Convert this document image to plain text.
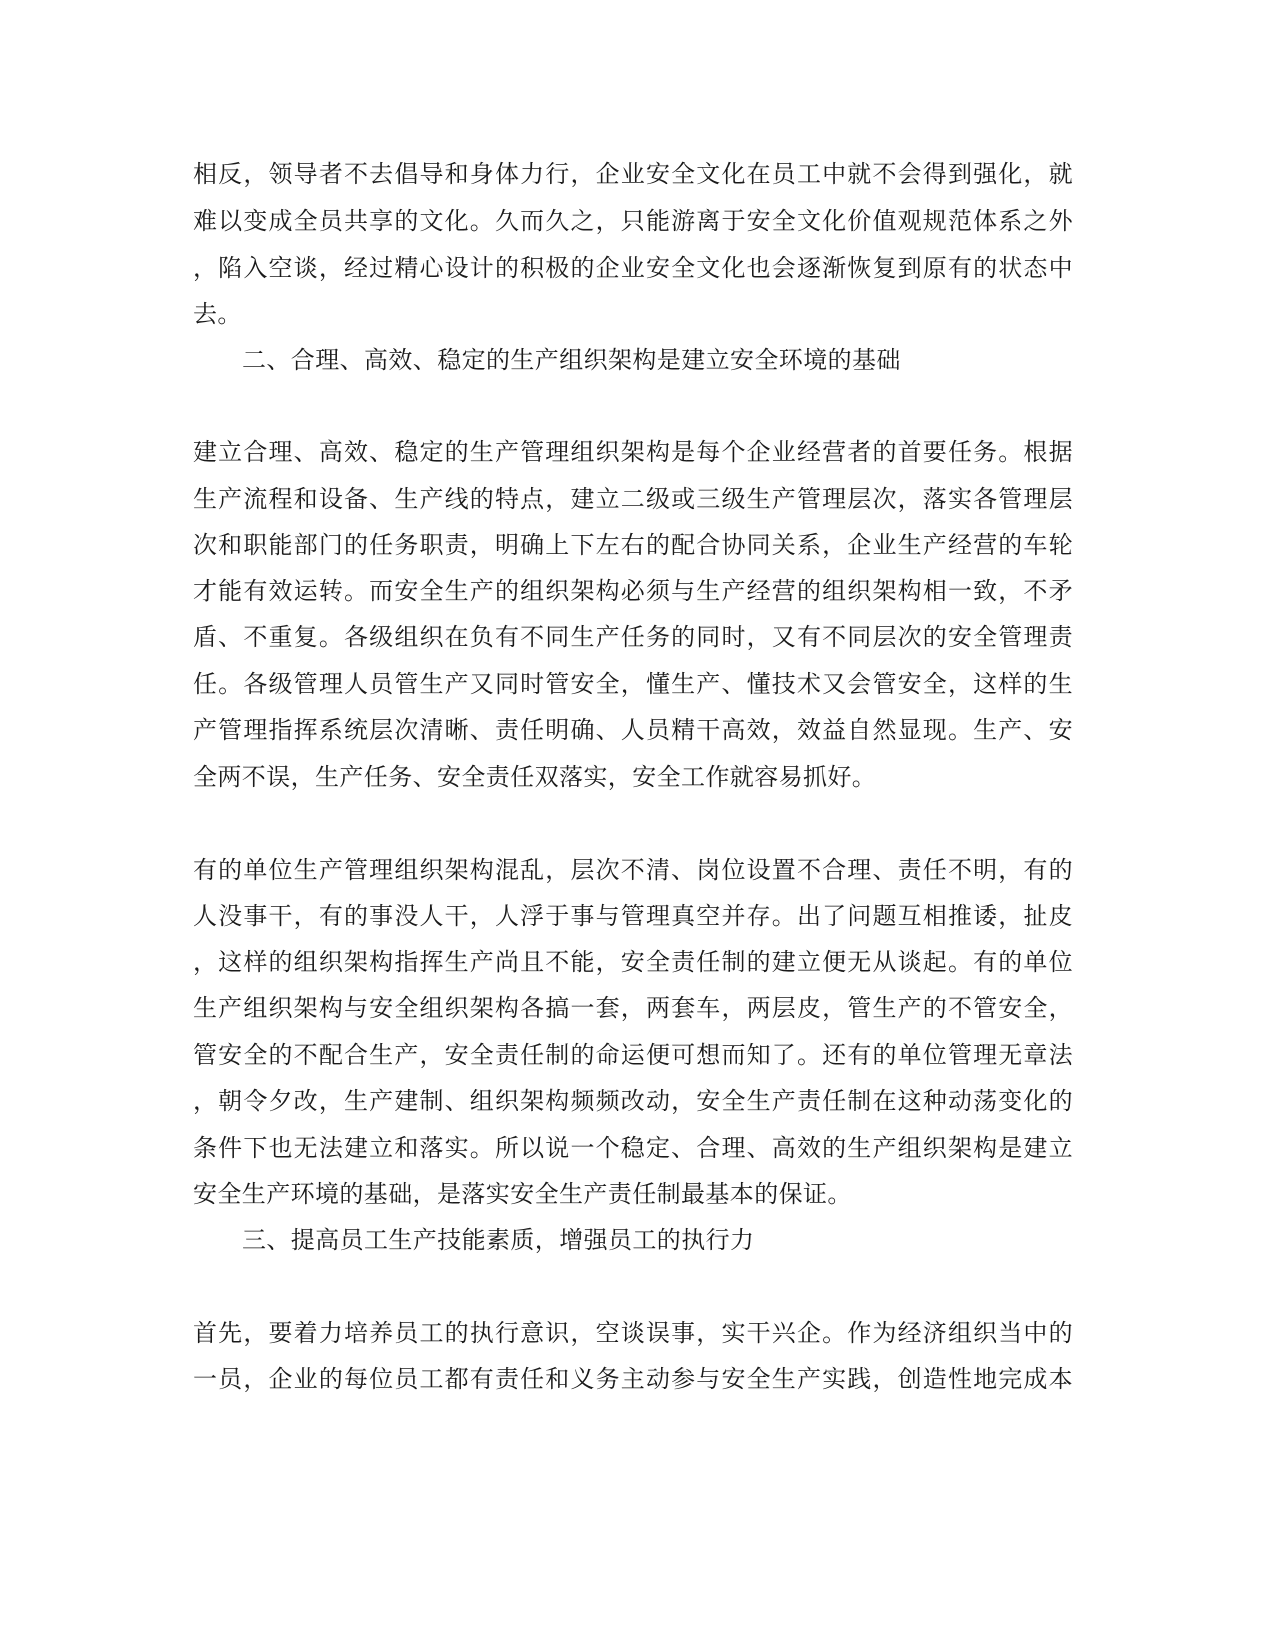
相反，领导者不去倡导和身体力行，企业安全文化在员工中就不会得到强化，就
难以变成全员共享的文化。久而久之，只能游离于安全文化价值观规范体系之外
，陷入空谈，经过精心设计的积极的企业安全文化也会逐渐恢复到原有的状态中
去。
二、合理、高效、稳定的生产组织架构是建立安全环境的基础
建立合理、高效、稳定的生产管理组织架构是每个企业经营者的首要任务。根据
生产流程和设备、生产线的特点，建立二级或三级生产管理层次，落实各管理层
次和职能部门的任务职责，明确上下左右的配合协同关系，企业生产经营的车轮
才能有效运转。而安全生产的组织架构必须与生产经营的组织架构相一致，不矛
盾、不重复。各级组织在负有不同生产任务的同时，又有不同层次的安全管理责
任。各级管理人员管生产又同时管安全，懂生产、懂技术又会管安全，这样的生
产管理指挥系统层次清晰、责任明确、人员精干高效，效益自然显现。生产、安
全两不误，生产任务、安全责任双落实，安全工作就容易抓好。
有的单位生产管理组织架构混乱，层次不清、岗位设置不合理、责任不明，有的
人没事干，有的事没人干，人浮于事与管理真空并存。出了问题互相推诿，扯皮
，这样的组织架构指挥生产尚且不能，安全责任制的建立便无从谈起。有的单位
生产组织架构与安全组织架构各搞一套，两套车，两层皮，管生产的不管安全，
管安全的不配合生产，安全责任制的命运便可想而知了。还有的单位管理无章法
，朝令夕改，生产建制、组织架构频频改动，安全生产责任制在这种动荡变化的
条件下也无法建立和落实。所以说一个稳定、合理、高效的生产组织架构是建立
安全生产环境的基础，是落实安全生产责任制最基本的保证。
三、提高员工生产技能素质，增强员工的执行力
首先，要着力培养员工的执行意识，空谈误事，实干兴企。作为经济组织当中的
一员，企业的每位员工都有责任和义务主动参与安全生产实践，创造性地完成本
